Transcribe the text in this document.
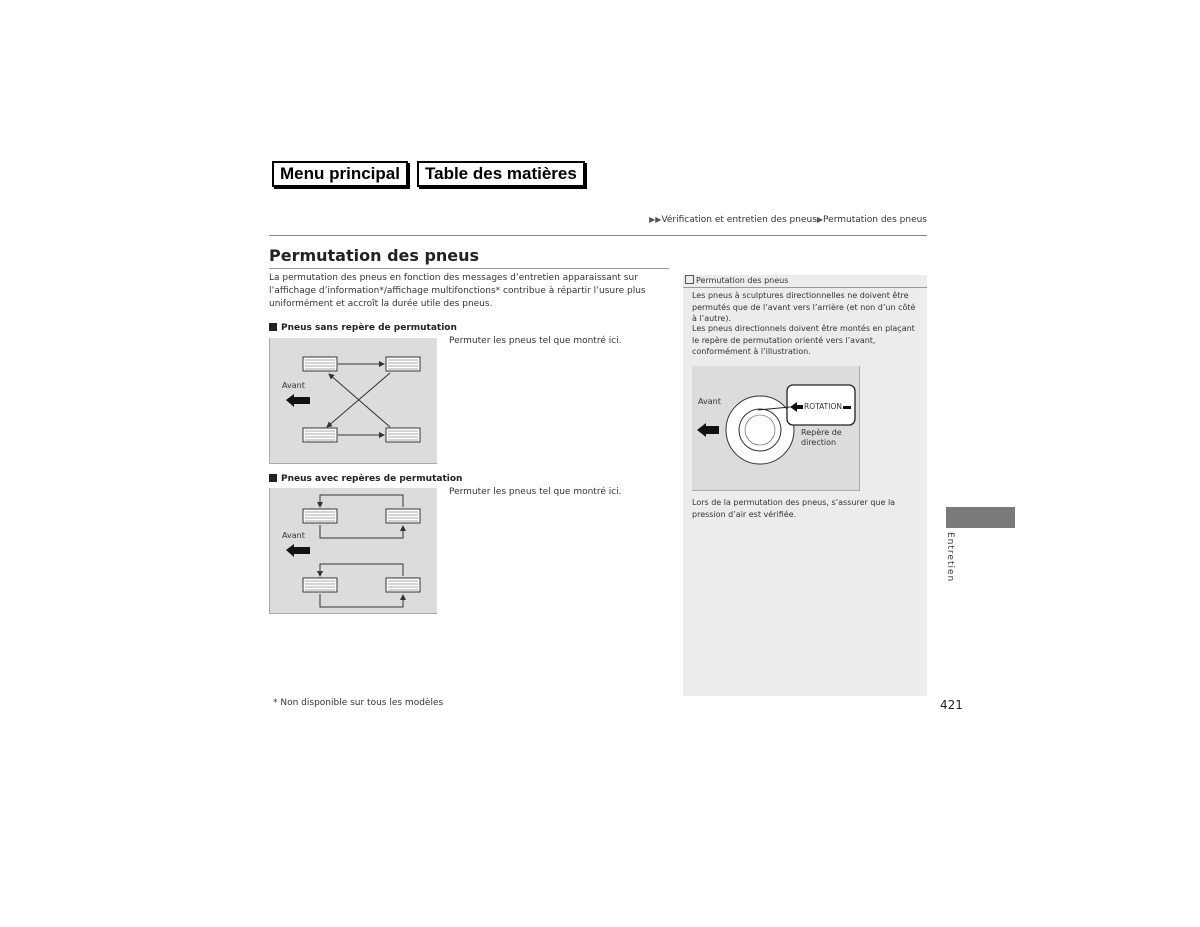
Menu principal	Table des matières
▶▶Vérification et entretien des pneus▶Permutation des pneus
Permutation des pneus
La permutation des pneus en fonction des messages d’entretien apparaissant sur l’affichage d’information*/affichage multifonctions* contribue à répartir l’usure plus uniformément et accroît la durée utile des pneus.
Pneus sans repère de permutation
Avant
Permuter les pneus tel que montré ici.
Pneus avec repères de permutation
Avant
Permuter les pneus tel que montré ici.
Permutation des pneus
Les pneus à sculptures directionnelles ne doivent être permutés que de l’avant vers l’arrière (et non d’un côté à l’autre).
Les pneus directionnels doivent être montés en plaçant le repère de permutation orienté vers l’avant, conformément à l’illustration.
Avant
ROTATION
Repère de
direction
Lors de la permutation des pneus, s’assurer que la pression d’air est vérifiée.
* Non disponible sur tous les modèles	421
Entretien
